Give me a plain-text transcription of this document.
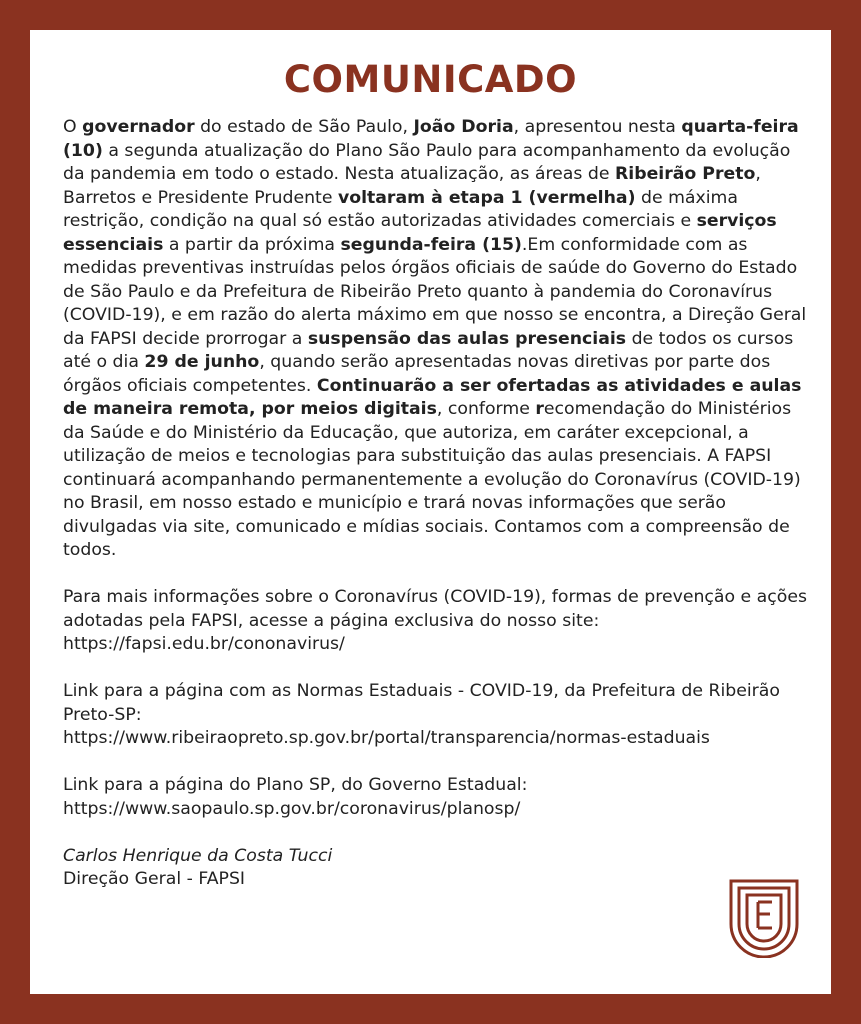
COMUNICADO

O governador do estado de São Paulo, João Doria, apresentou nesta quarta-feira (10) a segunda atualização do Plano São Paulo para acompanhamento da evolução da pandemia em todo o estado. Nesta atualização, as áreas de Ribeirão Preto, Barretos e Presidente Prudente voltaram à etapa 1 (vermelha) de máxima restrição, condição na qual só estão autorizadas atividades comerciais e serviços essenciais a partir da próxima segunda-feira (15).Em conformidade com as medidas preventivas instruídas pelos órgãos oficiais de saúde do Governo do Estado de São Paulo e da Prefeitura de Ribeirão Preto quanto à pandemia do Coronavírus (COVID-19), e em razão do alerta máximo em que nosso se encontra, a Direção Geral da FAPSI decide prorrogar a suspensão das aulas presenciais de todos os cursos até o dia 29 de junho, quando serão apresentadas novas diretivas por parte dos órgãos oficiais competentes. Continuarão a ser ofertadas as atividades e aulas de maneira remota, por meios digitais, conforme recomendação do Ministérios da Saúde e do Ministério da Educação, que autoriza, em caráter excepcional, a utilização de meios e tecnologias para substituição das aulas presenciais. A FAPSI continuará acompanhando permanentemente a evolução do Coronavírus (COVID-19) no Brasil, em nosso estado e município e trará novas informações que serão divulgadas via site, comunicado e mídias sociais. Contamos com a compreensão de todos.

Para mais informações sobre o Coronavírus (COVID-19), formas de prevenção e ações adotadas pela FAPSI, acesse a página exclusiva do nosso site: https://fapsi.edu.br/cononavirus/

Link para a página com as Normas Estaduais - COVID-19, da Prefeitura de Ribeirão Preto-SP:
https://www.ribeiraopreto.sp.gov.br/portal/transparencia/normas-estaduais

Link para a página do Plano SP, do Governo Estadual:
https://www.saopaulo.sp.gov.br/coronavirus/planosp/

Carlos Henrique da Costa Tucci

Direção Geral - FAPSI
